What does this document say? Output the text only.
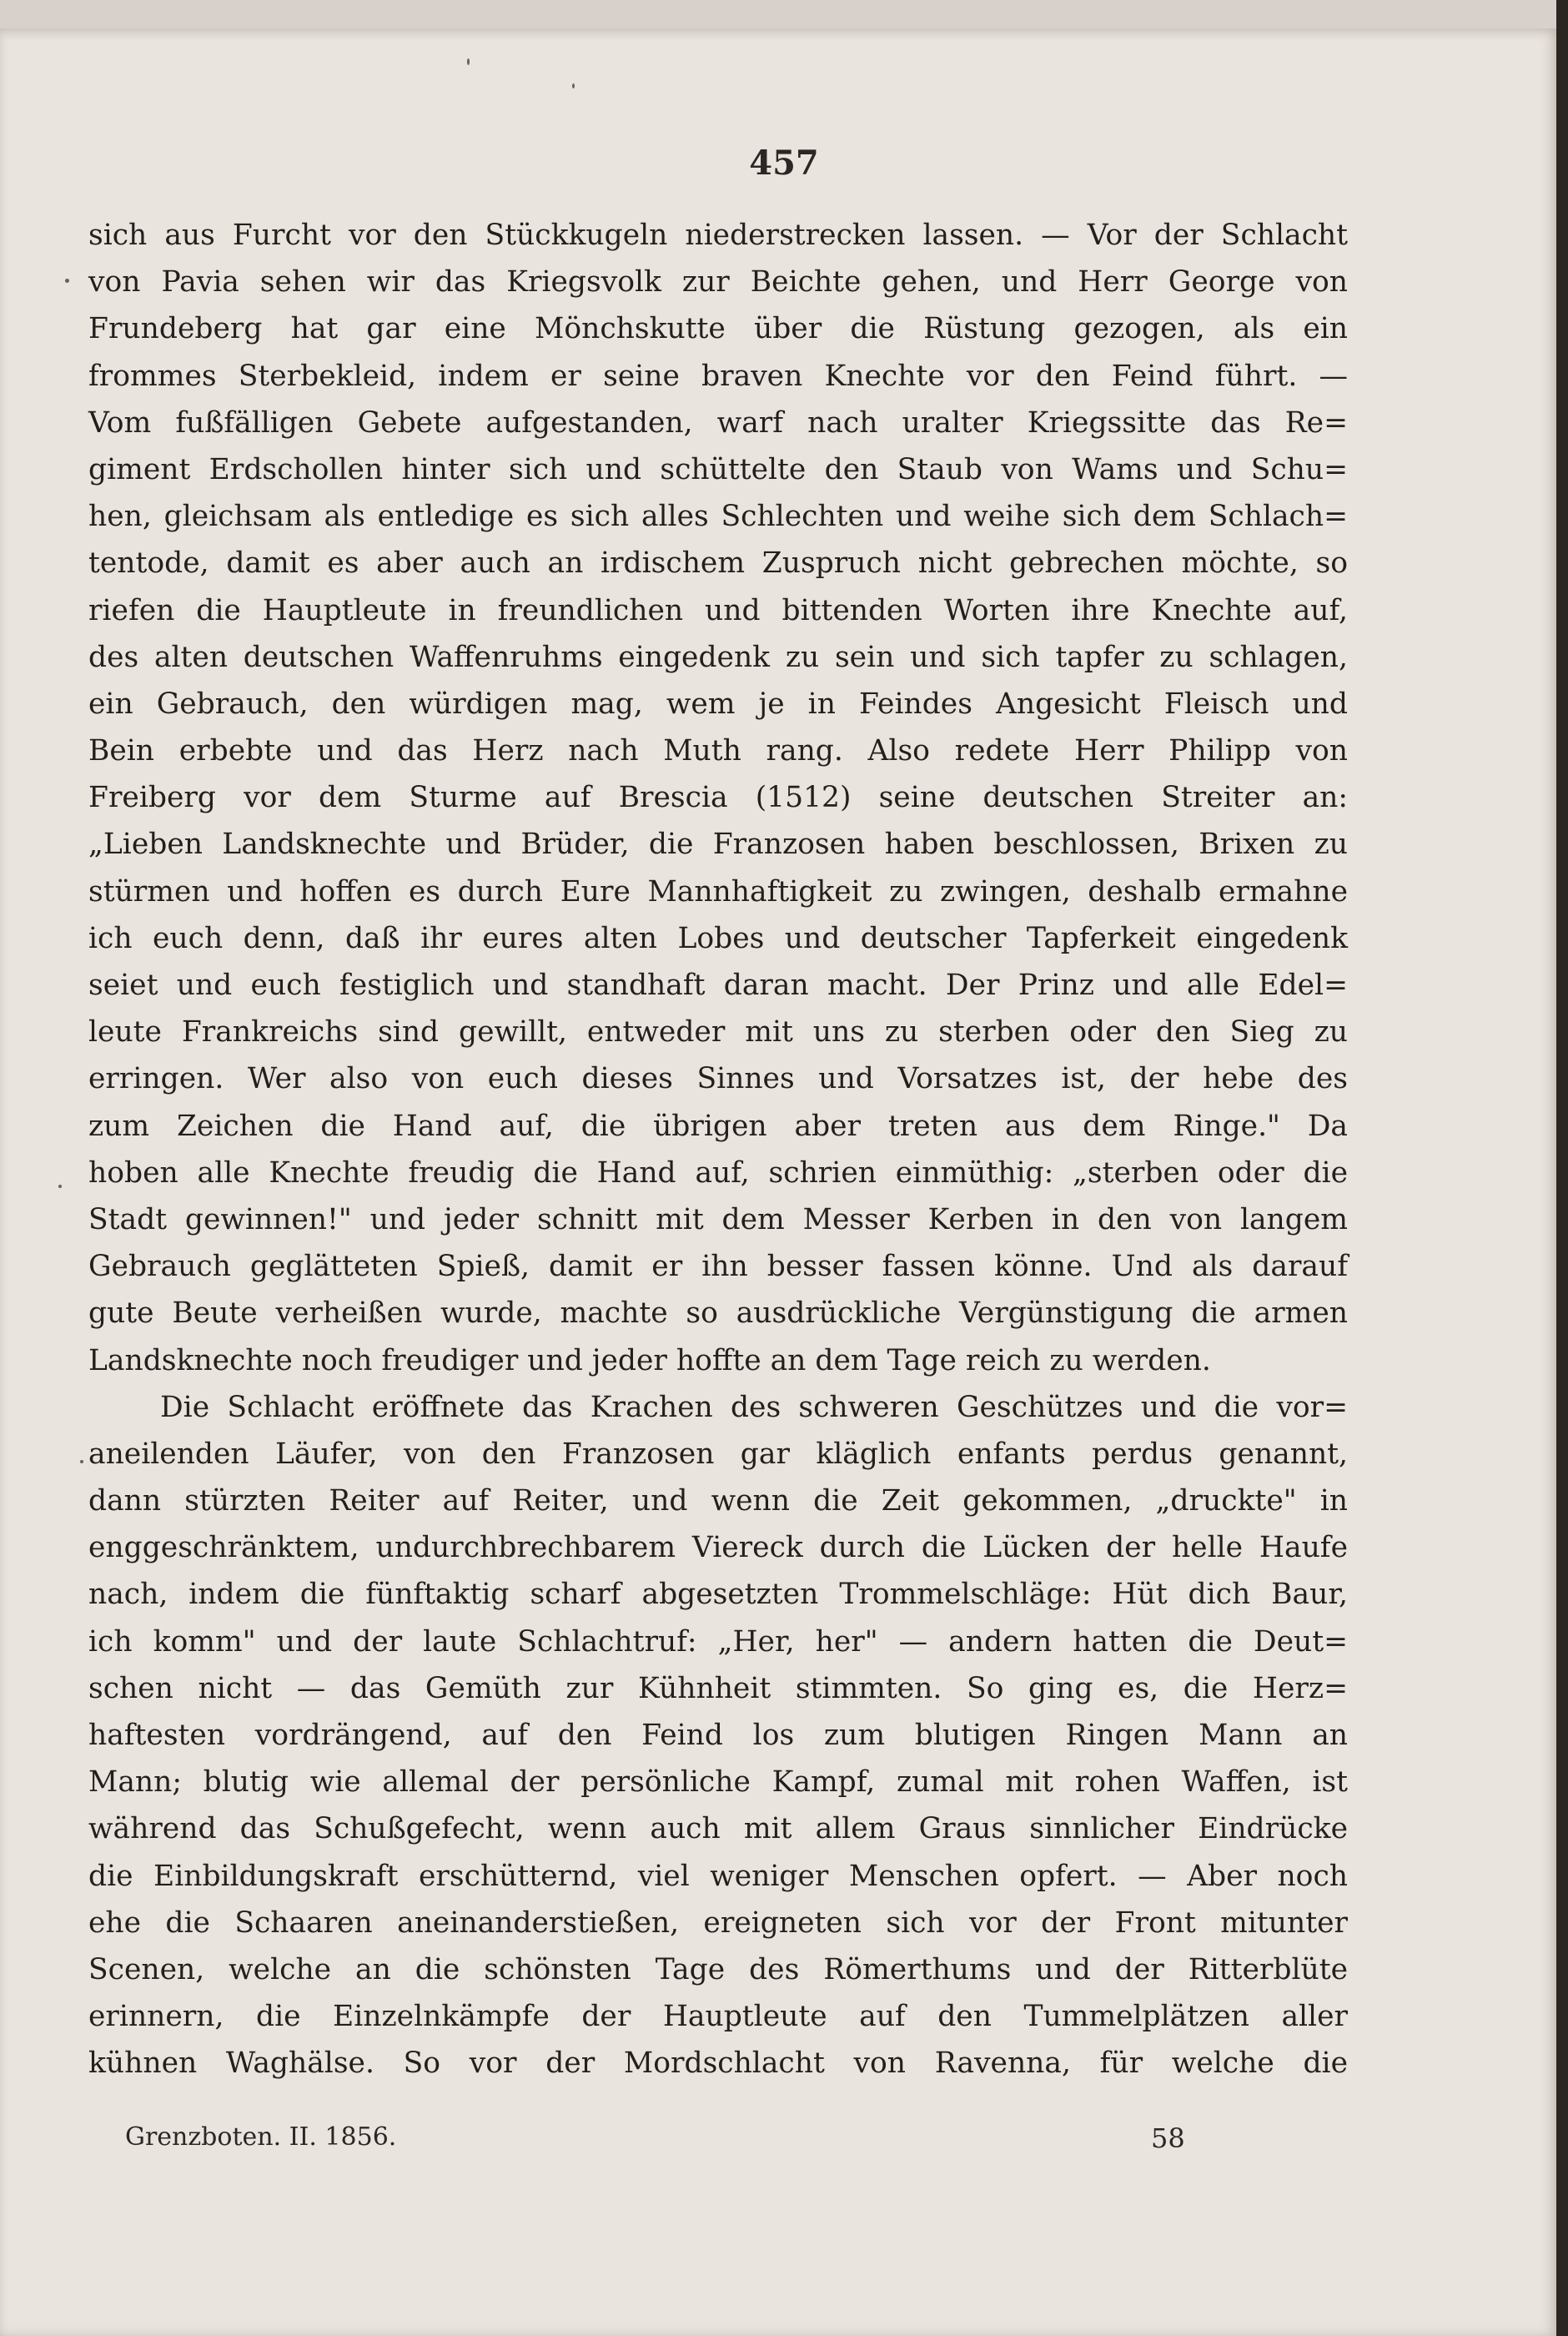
457
sich aus Furcht vor den Stückkugeln niederstrecken lassen. — Vor der Schlacht
von Pavia sehen wir das Kriegsvolk zur Beichte gehen, und Herr George von
Frundeberg hat gar eine Mönchskutte über die Rüstung gezogen, als ein
frommes Sterbekleid, indem er seine braven Knechte vor den Feind führt. —
Vom fußfälligen Gebete aufgestanden, warf nach uralter Kriegssitte das Re=
giment Erdschollen hinter sich und schüttelte den Staub von Wams und Schu=
hen, gleichsam als entledige es sich alles Schlechten und weihe sich dem Schlach=
tentode, damit es aber auch an irdischem Zuspruch nicht gebrechen möchte, so
riefen die Hauptleute in freundlichen und bittenden Worten ihre Knechte auf,
des alten deutschen Waffenruhms eingedenk zu sein und sich tapfer zu schlagen,
ein Gebrauch, den würdigen mag, wem je in Feindes Angesicht Fleisch und
Bein erbebte und das Herz nach Muth rang. Also redete Herr Philipp von
Freiberg vor dem Sturme auf Brescia (1512) seine deutschen Streiter an:
„Lieben Landsknechte und Brüder, die Franzosen haben beschlossen, Brixen zu
stürmen und hoffen es durch Eure Mannhaftigkeit zu zwingen, deshalb ermahne
ich euch denn, daß ihr eures alten Lobes und deutscher Tapferkeit eingedenk
seiet und euch festiglich und standhaft daran macht. Der Prinz und alle Edel=
leute Frankreichs sind gewillt, entweder mit uns zu sterben oder den Sieg zu
erringen. Wer also von euch dieses Sinnes und Vorsatzes ist, der hebe des
zum Zeichen die Hand auf, die übrigen aber treten aus dem Ringe." Da
hoben alle Knechte freudig die Hand auf, schrien einmüthig: „sterben oder die
Stadt gewinnen!" und jeder schnitt mit dem Messer Kerben in den von langem
Gebrauch geglätteten Spieß, damit er ihn besser fassen könne. Und als darauf
gute Beute verheißen wurde, machte so ausdrückliche Vergünstigung die armen
Landsknechte noch freudiger und jeder hoffte an dem Tage reich zu werden.
Die Schlacht eröffnete das Krachen des schweren Geschützes und die vor=
aneilenden Läufer, von den Franzosen gar kläglich enfants perdus genannt,
dann stürzten Reiter auf Reiter, und wenn die Zeit gekommen, „druckte" in
enggeschränktem, undurchbrechbarem Viereck durch die Lücken der helle Haufe
nach, indem die fünftaktig scharf abgesetzten Trommelschläge: Hüt dich Baur,
ich komm" und der laute Schlachtruf: „Her, her" — andern hatten die Deut=
schen nicht — das Gemüth zur Kühnheit stimmten. So ging es, die Herz=
haftesten vordrängend, auf den Feind los zum blutigen Ringen Mann an
Mann; blutig wie allemal der persönliche Kampf, zumal mit rohen Waffen, ist
während das Schußgefecht, wenn auch mit allem Graus sinnlicher Eindrücke
die Einbildungskraft erschütternd, viel weniger Menschen opfert. — Aber noch
ehe die Schaaren aneinanderstießen, ereigneten sich vor der Front mitunter
Scenen, welche an die schönsten Tage des Römerthums und der Ritterblüte
erinnern, die Einzelnkämpfe der Hauptleute auf den Tummelplätzen aller
kühnen Waghälse. So vor der Mordschlacht von Ravenna, für welche die
Grenzboten. II. 1856.	58
